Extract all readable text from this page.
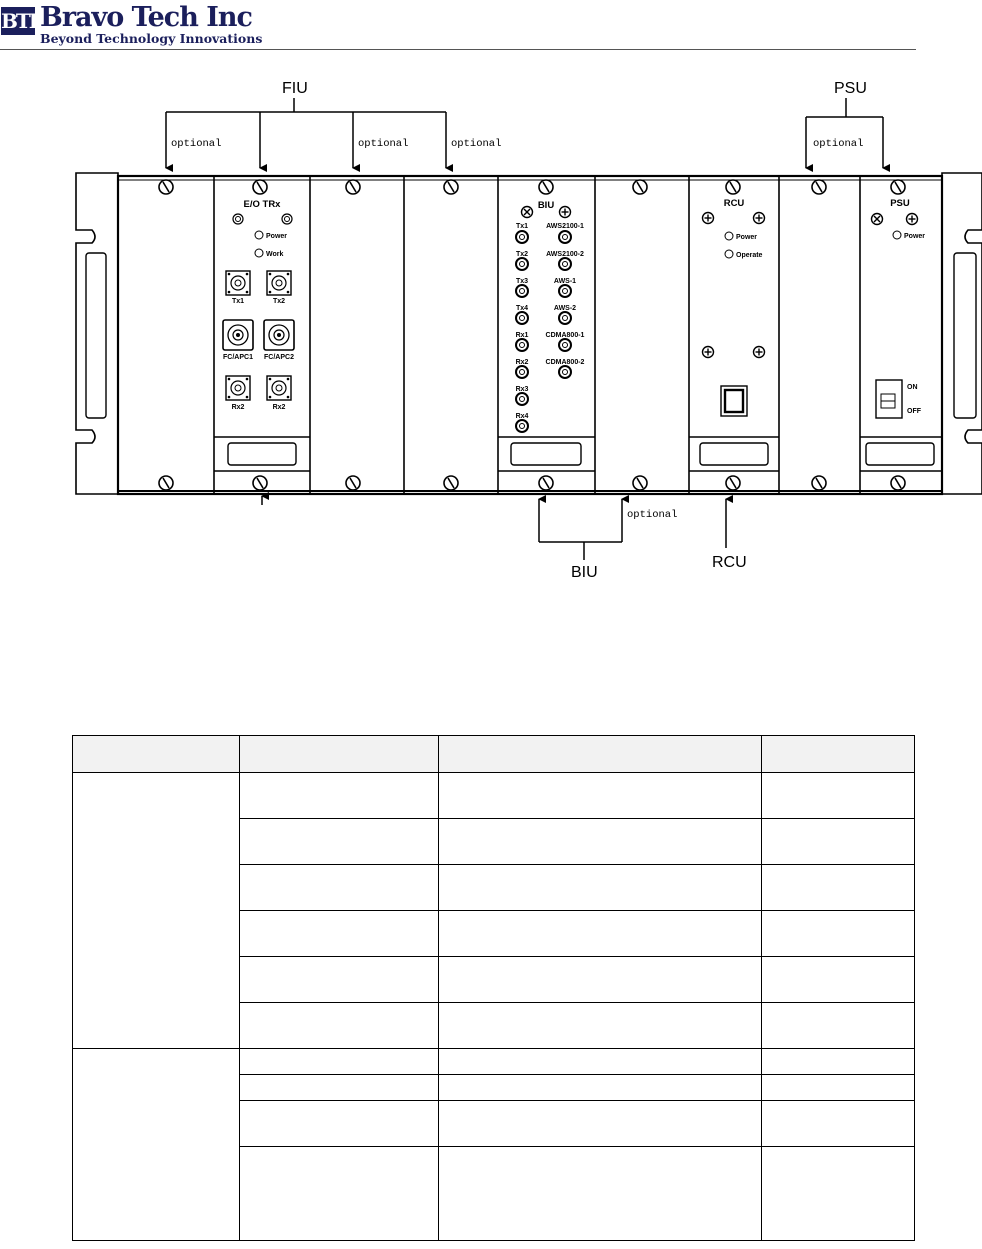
BTI Bravo Tech Inc
Beyond Technology Innovations
FIU
optional	optional	optional
PSU
optional
E/O TRx
Power
Work
Tx1	Tx2
FC/APC1 FC/APC2
Rx2	Rx2
BIU
Tx1
Tx2
Tx3
Tx4
Rx1
Rx2
Rx3
Rx4
AWS2100-1
AWS2100-2
AWS-1
AWS-2
CDMA800-1
CDMA800-2
RCU
Power
Operate
PSU
Power
ON
OFF
BIU
optional
RCU
